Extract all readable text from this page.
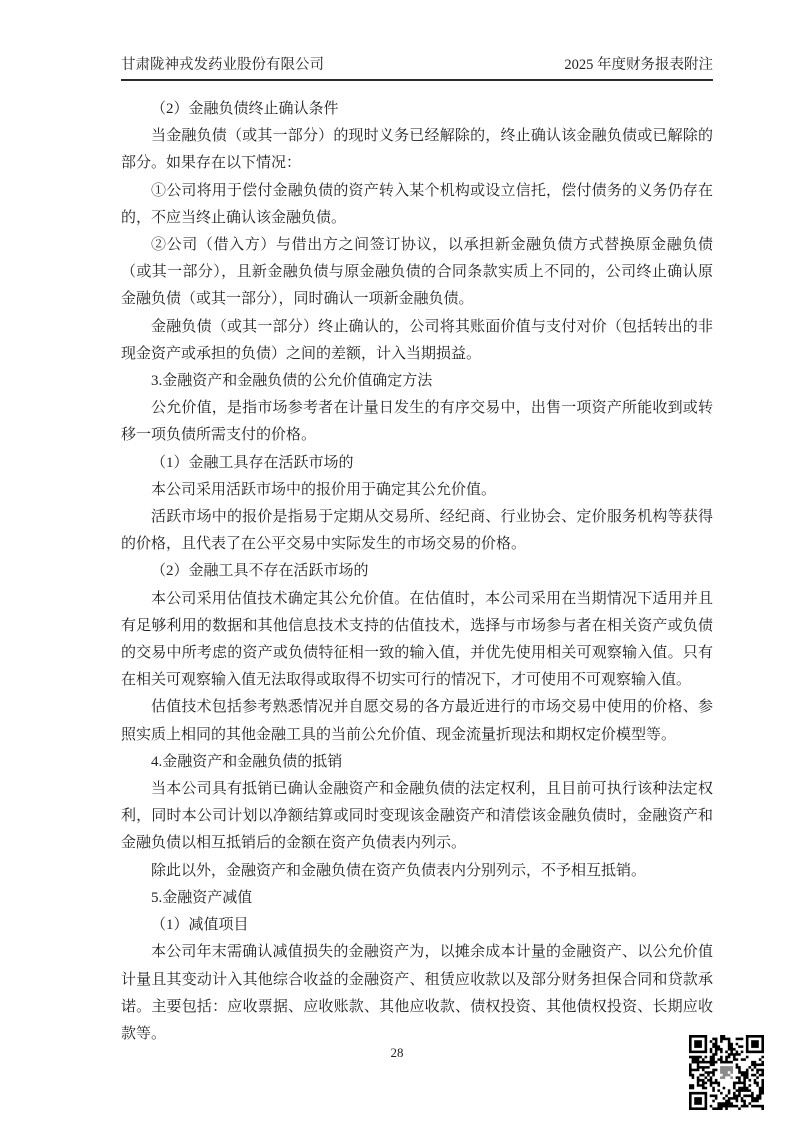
甘肃陇神戎发药业股份有限公司	2025 年度财务报表附注

（2）金融负债终止确认条件

当金融负债（或其一部分）的现时义务已经解除的，终止确认该金融负债或已解除的部分。如果存在以下情况：

①公司将用于偿付金融负债的资产转入某个机构或设立信托，偿付债务的义务仍存在的，不应当终止确认该金融负债。

②公司（借入方）与借出方之间签订协议，以承担新金融负债方式替换原金融负债（或其一部分），且新金融负债与原金融负债的合同条款实质上不同的，公司终止确认原金融负债（或其一部分），同时确认一项新金融负债。

金融负债（或其一部分）终止确认的，公司将其账面价值与支付对价（包括转出的非现金资产或承担的负债）之间的差额，计入当期损益。

3.金融资产和金融负债的公允价值确定方法

公允价值，是指市场参考者在计量日发生的有序交易中，出售一项资产所能收到或转移一项负债所需支付的价格。

（1）金融工具存在活跃市场的

本公司采用活跃市场中的报价用于确定其公允价值。

活跃市场中的报价是指易于定期从交易所、经纪商、行业协会、定价服务机构等获得的价格，且代表了在公平交易中实际发生的市场交易的价格。

（2）金融工具不存在活跃市场的

本公司采用估值技术确定其公允价值。在估值时，本公司采用在当期情况下适用并且有足够利用的数据和其他信息技术支持的估值技术，选择与市场参与者在相关资产或负债的交易中所考虑的资产或负债特征相一致的输入值，并优先使用相关可观察输入值。只有在相关可观察输入值无法取得或取得不切实可行的情况下，才可使用不可观察输入值。

估值技术包括参考熟悉情况并自愿交易的各方最近进行的市场交易中使用的价格、参照实质上相同的其他金融工具的当前公允价值、现金流量折现法和期权定价模型等。

4.金融资产和金融负债的抵销

当本公司具有抵销已确认金融资产和金融负债的法定权利，且目前可执行该种法定权利，同时本公司计划以净额结算或同时变现该金融资产和清偿该金融负债时，金融资产和金融负债以相互抵销后的金额在资产负债表内列示。

除此以外，金融资产和金融负债在资产负债表内分别列示，不予相互抵销。

5.金融资产减值

（1）减值项目

本公司年末需确认减值损失的金融资产为，以摊余成本计量的金融资产、以公允价值计量且其变动计入其他综合收益的金融资产、租赁应收款以及部分财务担保合同和贷款承诺。主要包括：应收票据、应收账款、其他应收款、债权投资、其他债权投资、长期应收款等。

28
